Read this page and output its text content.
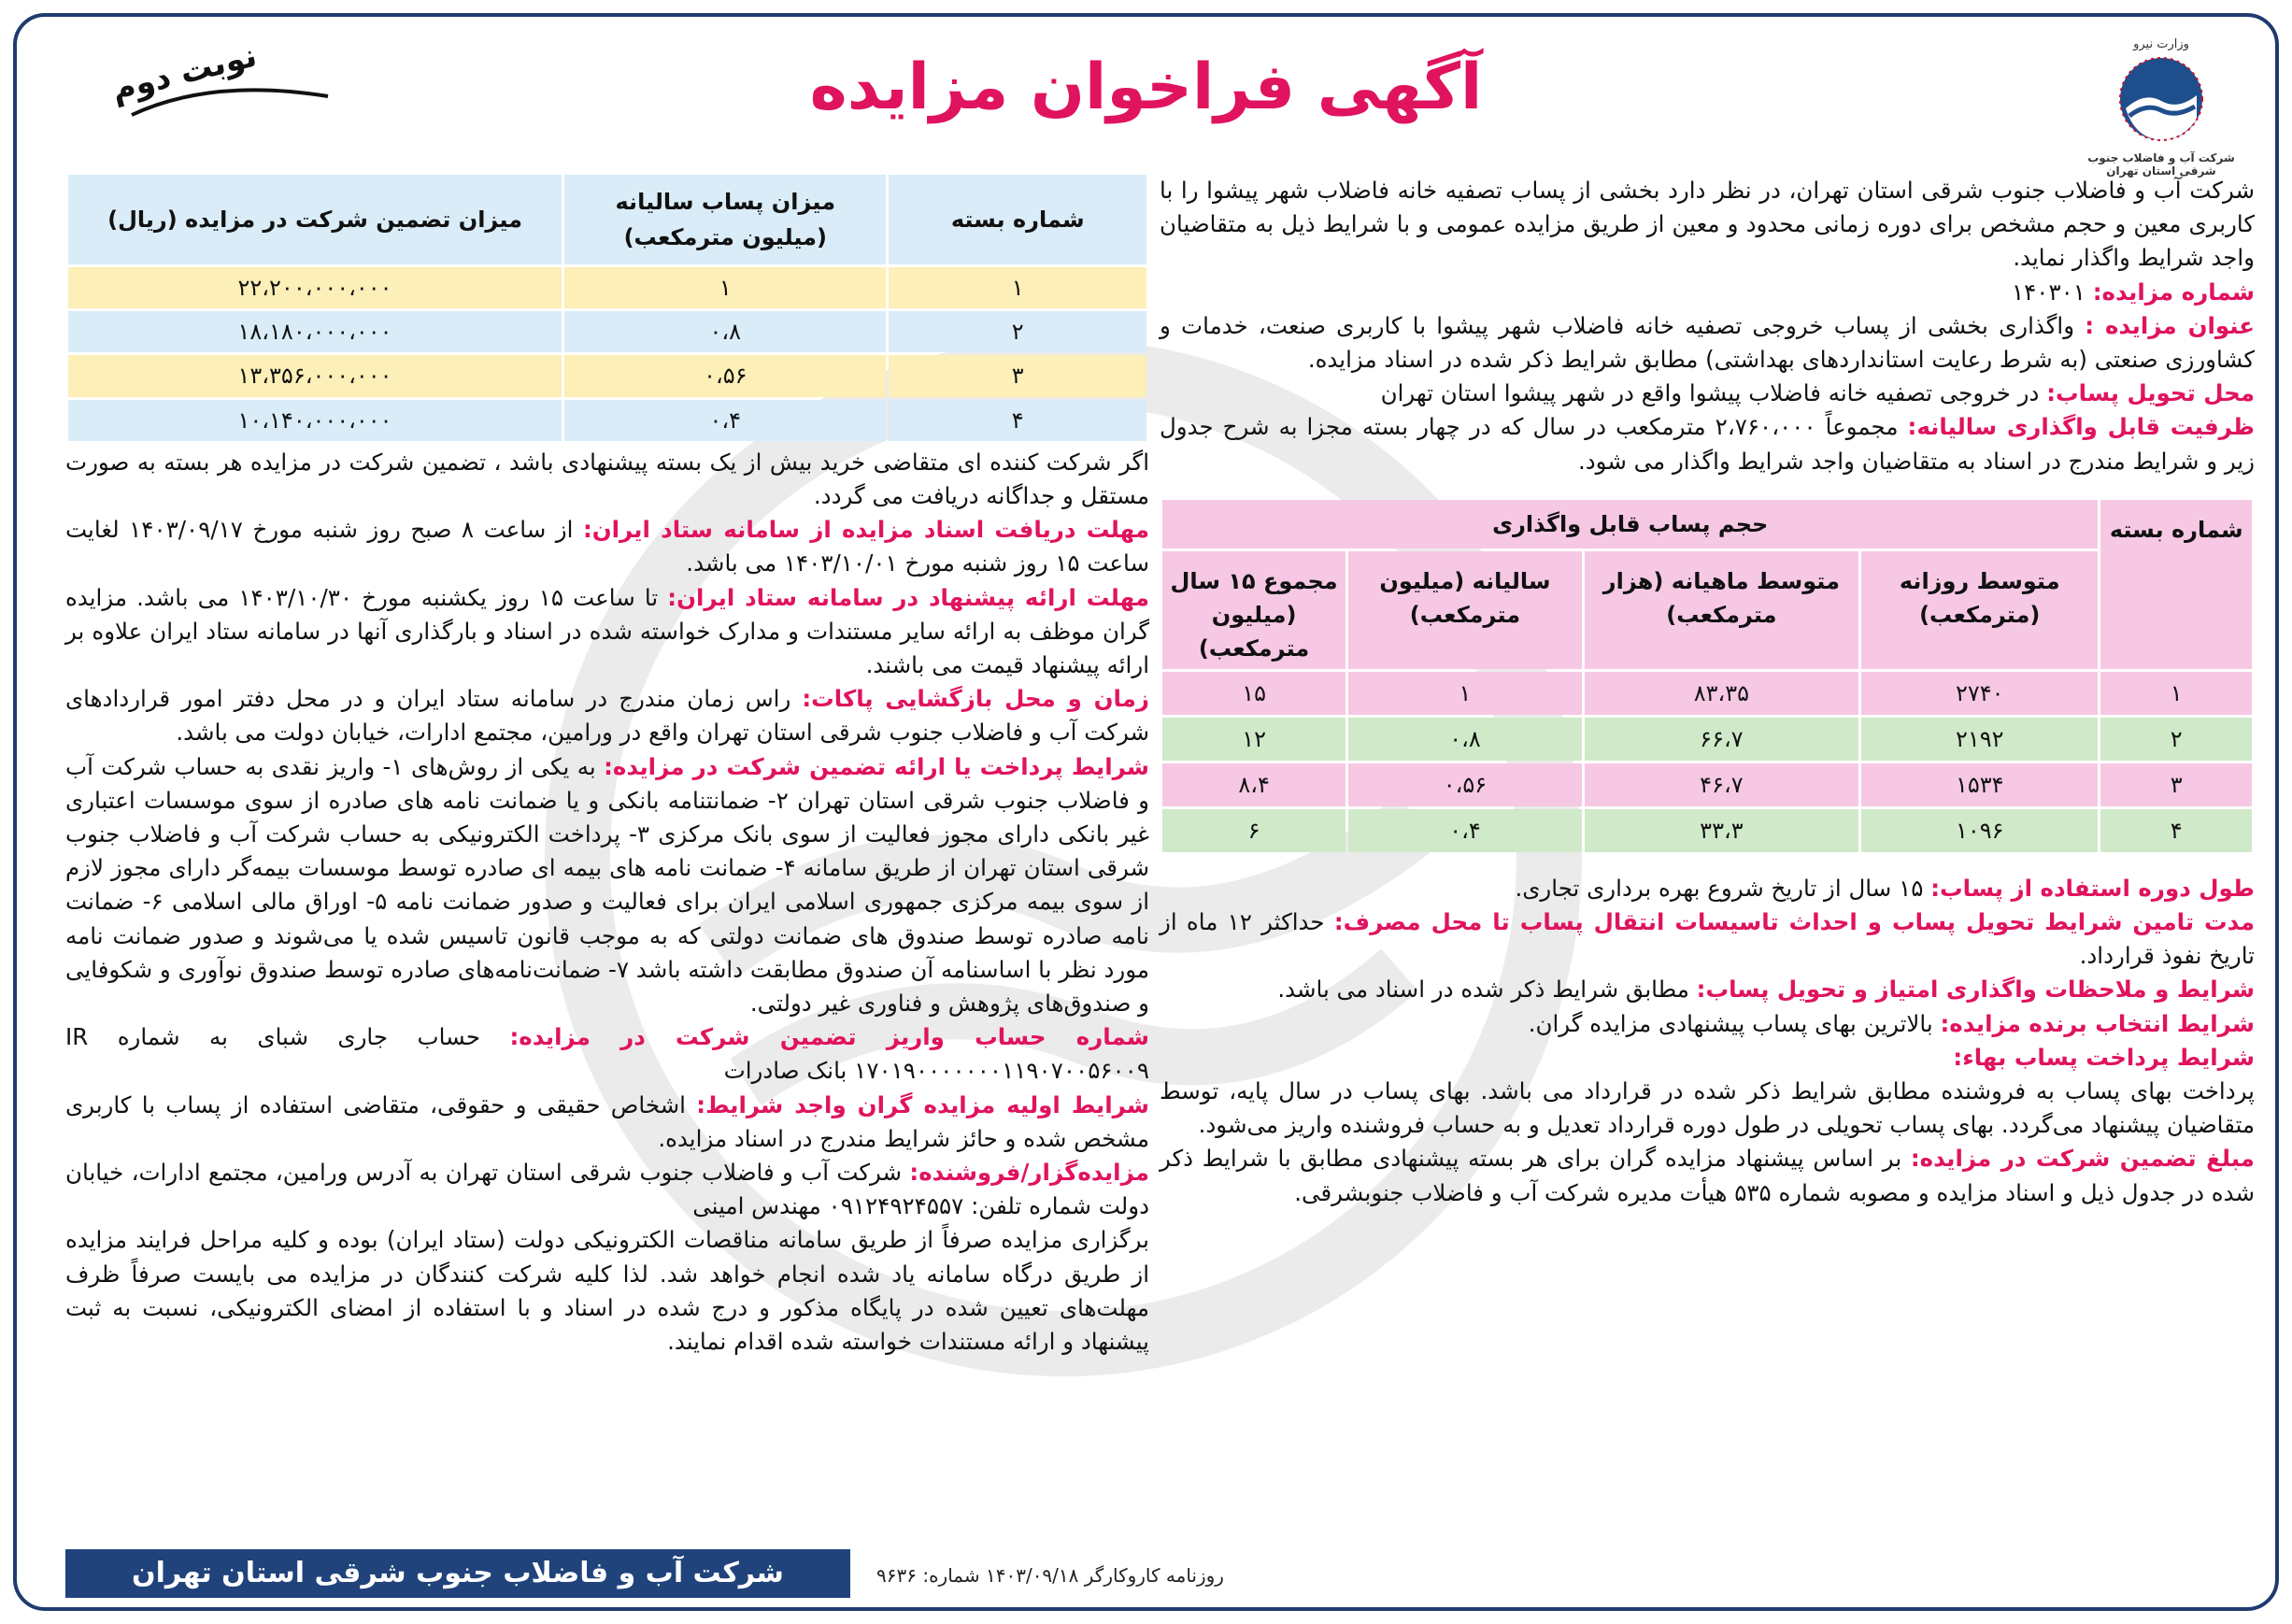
وزارت نیرو
شرکت آب و فاضلاب جنوب شرقی استان تهران
آگهی فراخوان مزایده
نوبت دوم

شرکت آب و فاضلاب جنوب شرقی استان تهران، در نظر دارد بخشی از پساب تصفیه خانه فاضلاب شهر پیشوا را با کاربری معین و حجم مشخص برای دوره زمانی محدود و معین از طریق مزایده عمومی و با شرایط ذیل به متقاضیان واجد شرایط واگذار نماید.

شماره مزایده: ۱۴۰۳۰۱

عنوان مزایده : واگذاری بخشی از پساب خروجی تصفیه خانه فاضلاب شهر پیشوا با کاربری صنعت، خدمات و کشاورزی صنعتی (به شرط رعایت استانداردهای بهداشتی) مطابق شرایط ذکر شده در اسناد مزایده.

محل تحویل پساب: در خروجی تصفیه خانه فاضلاب پیشوا واقع در شهر پیشوا استان تهران

ظرفیت قابل واگذاری سالیانه: مجموعاً ۲،۷۶۰،۰۰۰ مترمکعب در سال که در چهار بسته مجزا به شرح جدول زیر و شرایط مندرج در اسناد به متقاضیان واجد شرایط واگذار می شود.

شماره بسته	حجم پساب قابل واگذاری			
	متوسط روزانه (مترمکعب)	متوسط ماهیانه (هزار مترمکعب)	سالیانه (میلیون مترمکعب)	مجموع ۱۵ سال (میلیون مترمکعب)
۱	۲۷۴۰	۸۳،۳۵	۱	۱۵
۲	۲۱۹۲	۶۶،۷	۰،۸	۱۲
۳	۱۵۳۴	۴۶،۷	۰،۵۶	۸،۴
۴	۱۰۹۶	۳۳،۳	۰،۴	۶

طول دوره استفاده از پساب: ۱۵ سال از تاریخ شروع بهره برداری تجاری.

مدت تامین شرایط تحویل پساب و احداث تاسیسات انتقال پساب تا محل مصرف: حداکثر ۱۲ ماه از تاریخ نفوذ قرارداد.

شرایط و ملاحظات واگذاری امتیاز و تحویل پساب: مطابق شرایط ذکر شده در اسناد می باشد.

شرایط انتخاب برنده مزایده: بالاترین بهای پساب پیشنهادی مزایده گران.

شرایط پرداخت پساب بهاء:

پرداخت بهای پساب به فروشنده مطابق شرایط ذکر شده در قرارداد می باشد. بهای پساب در سال پایه، توسط متقاضیان پیشنهاد می‌گردد. بهای پساب تحویلی در طول دوره قرارداد تعدیل و به حساب فروشنده واریز می‌شود.

مبلغ تضمین شرکت در مزایده: بر اساس پیشنهاد مزایده گران برای هر بسته پیشنهادی مطابق با شرایط ذکر شده در جدول ذیل و اسناد مزایده و مصوبه شماره ۵۳۵ هیأت مدیره شرکت آب و فاضلاب جنوبشرقی.

شماره بسته	میزان پساب سالیانه (میلیون مترمکعب)	میزان تضمین شرکت در مزایده (ریال)
۱	۱	۲۲،۲۰۰،۰۰۰،۰۰۰
۲	۰،۸	۱۸،۱۸۰،۰۰۰،۰۰۰
۳	۰،۵۶	۱۳،۳۵۶،۰۰۰،۰۰۰
۴	۰،۴	۱۰،۱۴۰،۰۰۰،۰۰۰

اگر شرکت کننده ای متقاضی خرید بیش از یک بسته پیشنهادی باشد ، تضمین شرکت در مزایده هر بسته به صورت مستقل و جداگانه دریافت می گردد.

مهلت دریافت اسناد مزایده از سامانه ستاد ایران: از ساعت ۸ صبح روز شنبه مورخ ۱۴۰۳/۰۹/۱۷ لغایت ساعت ۱۵ روز شنبه مورخ ۱۴۰۳/۱۰/۰۱ می باشد.

مهلت ارائه پیشنهاد در سامانه ستاد ایران: تا ساعت ۱۵ روز یکشنبه مورخ ۱۴۰۳/۱۰/۳۰ می باشد. مزایده گران موظف به ارائه سایر مستندات و مدارک خواسته شده در اسناد و بارگذاری آنها در سامانه ستاد ایران علاوه بر ارائه پیشنهاد قیمت می باشند.

زمان و محل بازگشایی پاکات: راس زمان مندرج در سامانه ستاد ایران و در محل دفتر امور قراردادهای شرکت آب و فاضلاب جنوب شرقی استان تهران واقع در ورامین، مجتمع ادارات، خیابان دولت می باشد.

شرایط پرداخت یا ارائه تضمین شرکت در مزایده: به یکی از روش‌های ۱- واریز نقدی به حساب شرکت آب و فاضلاب جنوب شرقی استان تهران ۲- ضمانتنامه بانکی و یا ضمانت نامه های صادره از سوی موسسات اعتباری غیر بانکی دارای مجوز فعالیت از سوی بانک مرکزی ۳- پرداخت الکترونیکی به حساب شرکت آب و فاضلاب جنوب شرقی استان تهران از طریق سامانه ۴- ضمانت نامه های بیمه ای صادره توسط موسسات بیمه‌گر دارای مجوز لازم از سوی بیمه مرکزی جمهوری اسلامی ایران برای فعالیت و صدور ضمانت نامه ۵- اوراق مالی اسلامی ۶- ضمانت نامه صادره توسط صندوق های ضمانت دولتی که به موجب قانون تاسیس شده یا می‌شوند و صدور ضمانت نامه مورد نظر با اساسنامه آن صندوق مطابقت داشته باشد ۷- ضمانت‌نامه‌های صادره توسط صندوق نوآوری و شکوفایی و صندوق‌های پژوهش و فناوری غیر دولتی.

شماره حساب واریز تضمین شرکت در مزایده: حساب جاری شبای به شماره IR ۱۷۰۱۹۰۰۰۰۰۰۰۱۱۹۰۷۰۰۵۶۰۰۹ بانک صادرات

شرایط اولیه مزایده گران واجد شرایط: اشخاص حقیقی و حقوقی، متقاضی استفاده از پساب با کاربری مشخص شده و حائز شرایط مندرج در اسناد مزایده.

مزایده‌گزار/فروشنده: شرکت آب و فاضلاب جنوب شرقی استان تهران به آدرس ورامین، مجتمع ادارات، خیابان دولت شماره تلفن: ۰۹۱۲۴۹۲۴۵۵۷ مهندس امینی

برگزاری مزایده صرفاً از طریق سامانه مناقصات الکترونیکی دولت (ستاد ایران) بوده و کلیه مراحل فرایند مزایده از طریق درگاه سامانه یاد شده انجام خواهد شد. لذا کلیه شرکت کنندگان در مزایده می بایست صرفاً ظرف مهلت‌های تعیین شده در پایگاه مذکور و درج شده در اسناد و با استفاده از امضای الکترونیکی، نسبت به ثبت پیشنهاد و ارائه مستندات خواسته شده اقدام نمایند.

شرکت آب و فاضلاب جنوب شرقی استان تهران	روزنامه کاروکارگر ۱۴۰۳/۰۹/۱۸ شماره: ۹۶۳۶
